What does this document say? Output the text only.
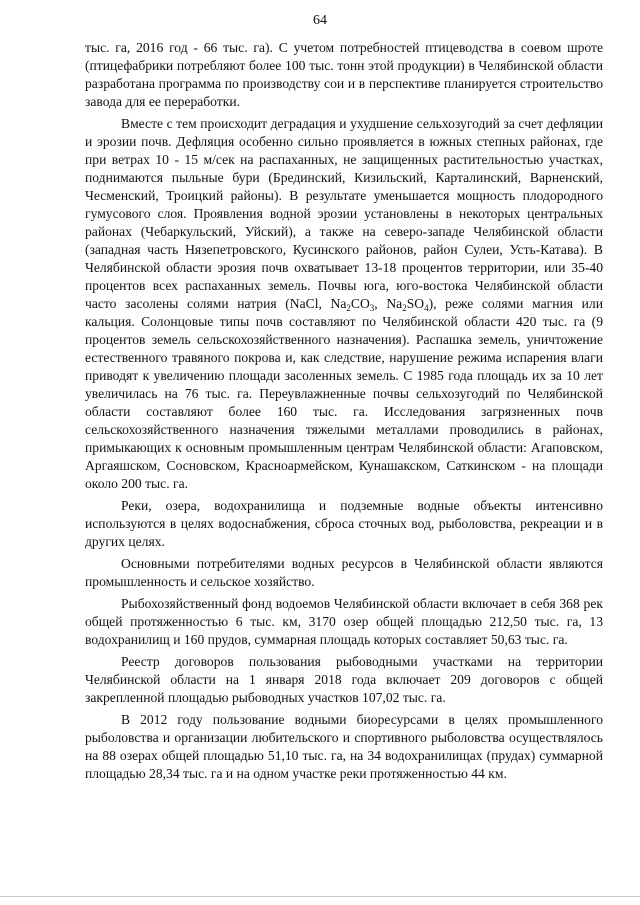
64

тыс. га, 2016 год - 66 тыс. га). С учетом потребностей птицеводства в соевом шроте (птицефабрики потребляют более 100 тыс. тонн этой продукции) в Челябинской области разработана программа по производству сои и в перспективе планируется строительство завода для ее переработки.

Вместе с тем происходит деградация и ухудшение сельхозугодий за счет дефляции и эрозии почв. Дефляция особенно сильно проявляется в южных степных районах, где при ветрах 10 - 15 м/сек на распаханных, не защищенных растительностью участках, поднимаются пыльные бури (Брединский, Кизильский, Карталинский, Варненский, Чесменский, Троицкий районы). В результате уменьшается мощность плодородного гумусового слоя. Проявления водной эрозии установлены в некоторых центральных районах (Чебаркульский, Уйский), а также на северо-западе Челябинской области (западная часть Нязепетровского, Кусинского районов, район Сулеи, Усть-Катава). В Челябинской области эрозия почв охватывает 13-18 процентов территории, или 35-40 процентов всех распаханных земель. Почвы юга, юго-востока Челябинской области часто засолены солями натрия (NaCl, $Na_2CO_3$, $Na_2SO_4$), реже солями магния или кальция. Солонцовые типы почв составляют по Челябинской области 420 тыс. га (9 процентов земель сельскохозяйственного назначения). Распашка земель, уничтожение естественного травяного покрова и, как следствие, нарушение режима испарения влаги приводят к увеличению площади засоленных земель. С 1985 года площадь их за 10 лет увеличилась на 76 тыс. га. Переувлажненные почвы сельхозугодий по Челябинской области составляют более 160 тыс. га. Исследования загрязненных почв сельскохозяйственного назначения тяжелыми металлами проводились в районах, примыкающих к основным промышленным центрам Челябинской области: Агаповском, Аргаяшском, Сосновском, Красноармейском, Кунашакском, Саткинском - на площади около 200 тыс. га.

Реки, озера, водохранилища и подземные водные объекты интенсивно используются в целях водоснабжения, сброса сточных вод, рыболовства, рекреации и в других целях.

Основными потребителями водных ресурсов в Челябинской области являются промышленность и сельское хозяйство.

Рыбохозяйственный фонд водоемов Челябинской области включает в себя 368 рек общей протяженностью 6 тыс. км, 3170 озер общей площадью 212,50 тыс. га, 13 водохранилищ и 160 прудов, суммарная площадь которых составляет 50,63 тыс. га.

Реестр договоров пользования рыбоводными участками на территории Челябинской области на 1 января 2018 года включает 209 договоров с общей закрепленной площадью рыбоводных участков 107,02 тыс. га.

В 2012 году пользование водными биоресурсами в целях промышленного рыболовства и организации любительского и спортивного рыболовства осуществлялось на 88 озерах общей площадью 51,10 тыс. га, на 34 водохранилищах (прудах) суммарной площадью 28,34 тыс. га и на одном участке реки протяженностью 44 км.
